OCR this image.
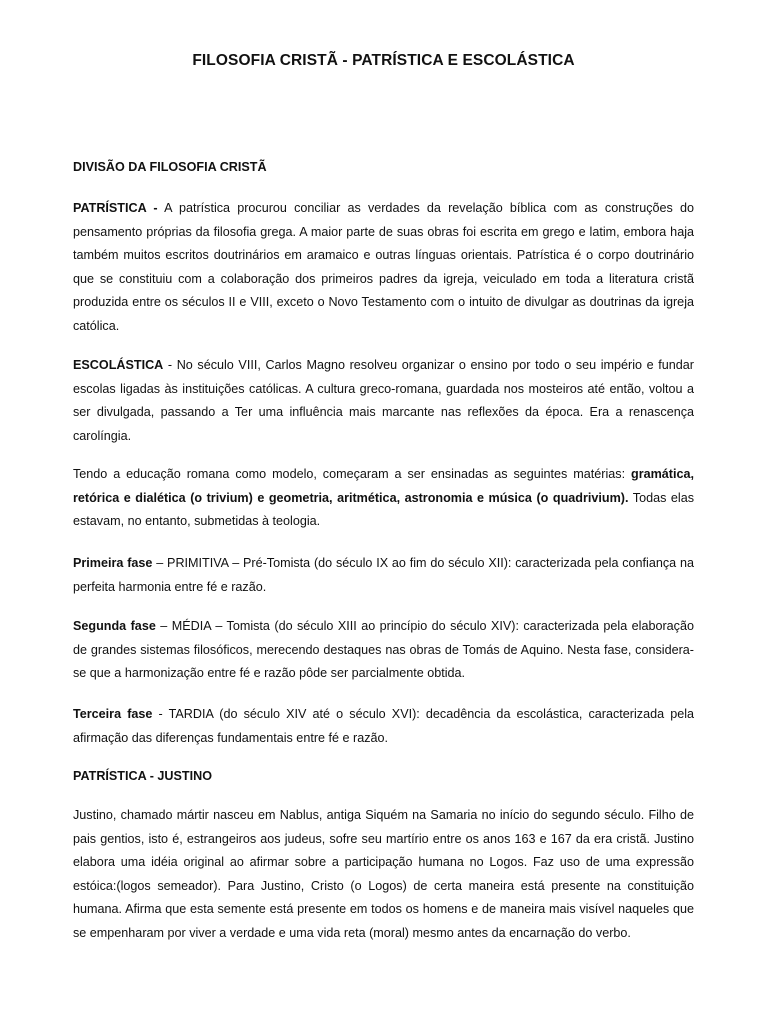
FILOSOFIA CRISTÃ - PATRÍSTICA E ESCOLÁSTICA
DIVISÃO DA FILOSOFIA CRISTÃ

PATRÍSTICA - A patrística procurou conciliar as verdades da revelação bíblica com as construções do pensamento próprias da filosofia grega. A maior parte de suas obras foi escrita em grego e latim, embora haja também muitos escritos doutrinários em aramaico e outras línguas orientais. Patrística é o corpo doutrinário que se constituiu com a colaboração dos primeiros padres da igreja, veiculado em toda a literatura cristã produzida entre os séculos II e VIII, exceto o Novo Testamento com o intuito de divulgar as doutrinas da igreja católica.

ESCOLÁSTICA - No século VIII, Carlos Magno resolveu organizar o ensino por todo o seu império e fundar escolas ligadas às instituições católicas. A cultura greco-romana, guardada nos mosteiros até então, voltou a ser divulgada, passando a Ter uma influência mais marcante nas reflexões da época. Era a renascença carolíngia.

Tendo a educação romana como modelo, começaram a ser ensinadas as seguintes matérias: gramática, retórica e dialética (o trivium) e geometria, aritmética, astronomia e música (o quadrivium). Todas elas estavam, no entanto, submetidas à teologia.

Primeira fase – PRIMITIVA – Pré-Tomista (do século IX ao fim do século XII): caracterizada pela confiança na perfeita harmonia entre fé e razão.

Segunda fase – MÉDIA – Tomista (do século XIII ao princípio do século XIV): caracterizada pela elaboração de grandes sistemas filosóficos, merecendo destaques nas obras de Tomás de Aquino. Nesta fase, considera-se que a harmonização entre fé e razão pôde ser parcialmente obtida.

Terceira fase - TARDIA (do século XIV até o século XVI): decadência da escolástica, caracterizada pela afirmação das diferenças fundamentais entre fé e razão.

PATRÍSTICA - JUSTINO

Justino, chamado mártir nasceu em Nablus, antiga Siquém na Samaria no início do segundo século. Filho de pais gentios, isto é, estrangeiros aos judeus, sofre seu martírio entre os anos 163 e 167 da era cristã. Justino elabora uma idéia original ao afirmar sobre a participação humana no Logos. Faz uso de uma expressão estóica:(logos semeador). Para Justino, Cristo (o Logos) de certa maneira está presente na constituição humana. Afirma que esta semente está presente em todos os homens e de maneira mais visível naqueles que se empenharam por viver a verdade e uma vida reta (moral) mesmo antes da encarnação do verbo.
